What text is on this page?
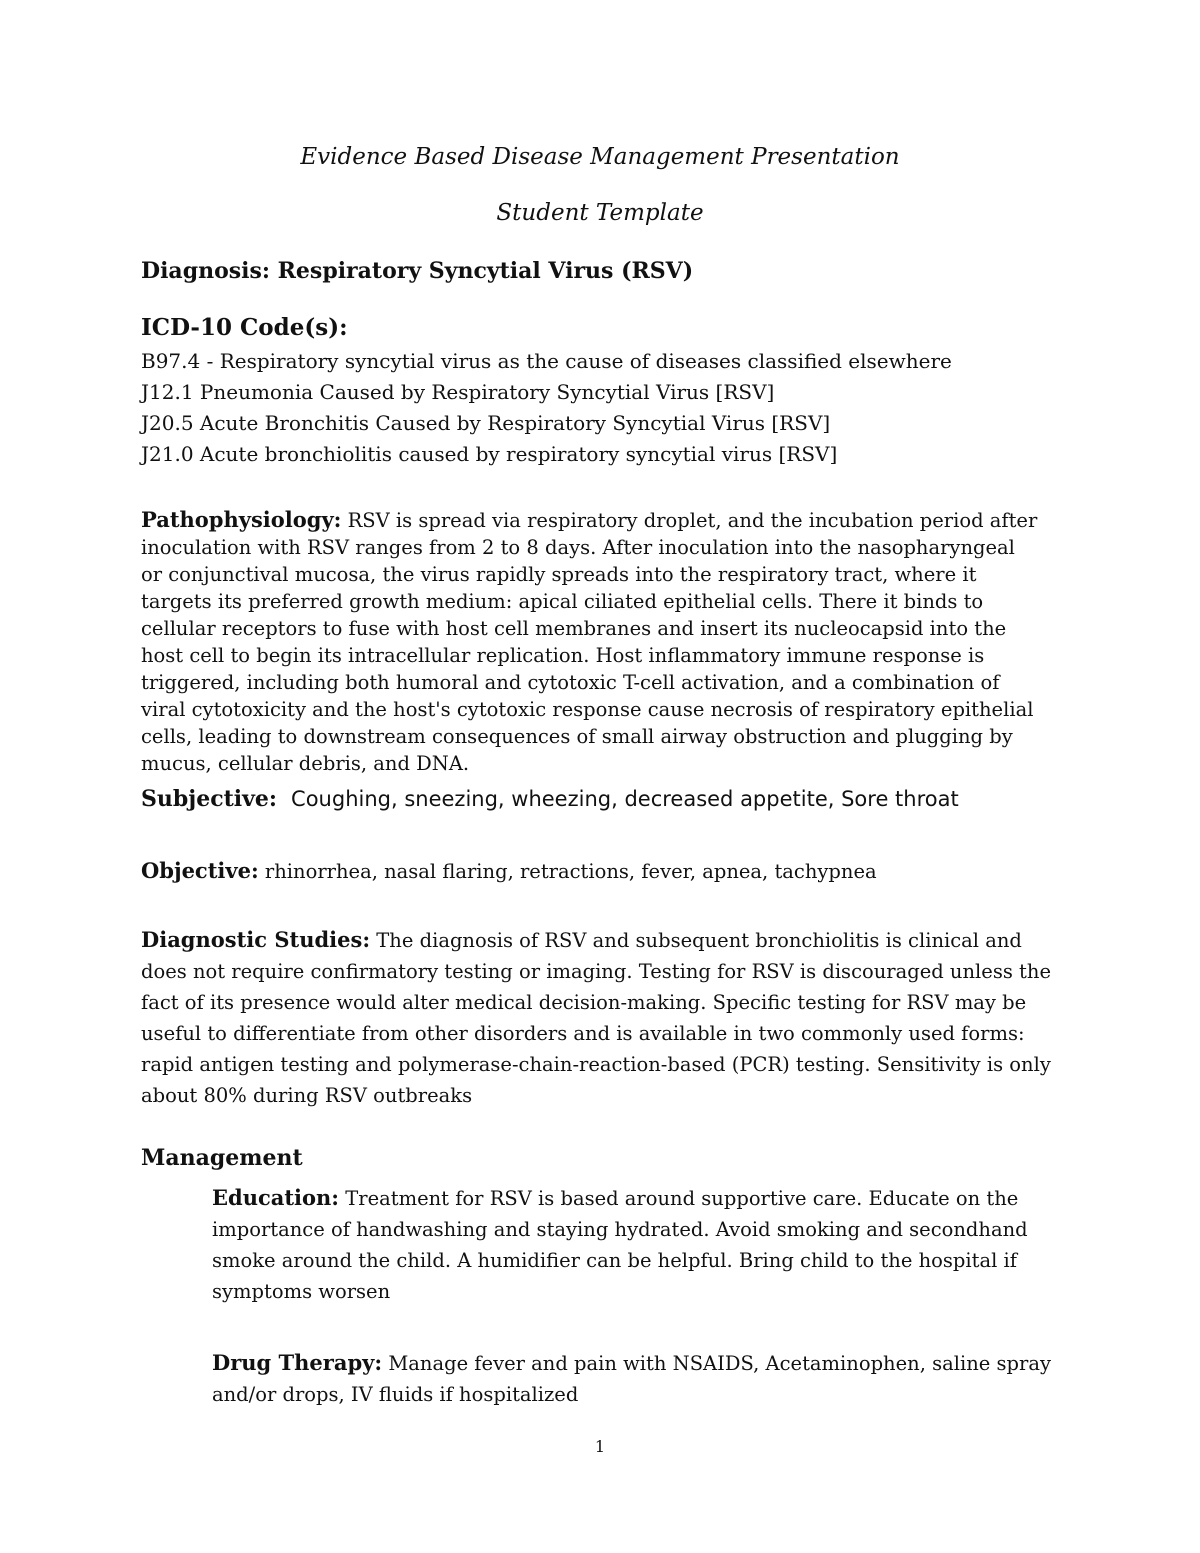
Evidence Based Disease Management Presentation
Student Template
Diagnosis: Respiratory Syncytial Virus (RSV)
ICD-10 Code(s):
B97.4 - Respiratory syncytial virus as the cause of diseases classified elsewhere
J12.1 Pneumonia Caused by Respiratory Syncytial Virus [RSV]
J20.5 Acute Bronchitis Caused by Respiratory Syncytial Virus [RSV]
J21.0 Acute bronchiolitis caused by respiratory syncytial virus [RSV]

Pathophysiology: RSV is spread via respiratory droplet, and the incubation period after inoculation with RSV ranges from 2 to 8 days. After inoculation into the nasopharyngeal or conjunctival mucosa, the virus rapidly spreads into the respiratory tract, where it targets its preferred growth medium: apical ciliated epithelial cells. There it binds to cellular receptors to fuse with host cell membranes and insert its nucleocapsid into the host cell to begin its intracellular replication. Host inflammatory immune response is triggered, including both humoral and cytotoxic T-cell activation, and a combination of viral cytotoxicity and the host's cytotoxic response cause necrosis of respiratory epithelial cells, leading to downstream consequences of small airway obstruction and plugging by mucus, cellular debris, and DNA.

Subjective: Coughing, sneezing, wheezing, decreased appetite, Sore throat

Objective: rhinorrhea, nasal flaring, retractions, fever, apnea, tachypnea

Diagnostic Studies: The diagnosis of RSV and subsequent bronchiolitis is clinical and does not require confirmatory testing or imaging. Testing for RSV is discouraged unless the fact of its presence would alter medical decision-making. Specific testing for RSV may be useful to differentiate from other disorders and is available in two commonly used forms: rapid antigen testing and polymerase-chain-reaction-based (PCR) testing. Sensitivity is only about 80% during RSV outbreaks

Management

Education: Treatment for RSV is based around supportive care. Educate on the importance of handwashing and staying hydrated. Avoid smoking and secondhand smoke around the child. A humidifier can be helpful. Bring child to the hospital if symptoms worsen

Drug Therapy: Manage fever and pain with NSAIDS, Acetaminophen, saline spray and/or drops, IV fluids if hospitalized

1
